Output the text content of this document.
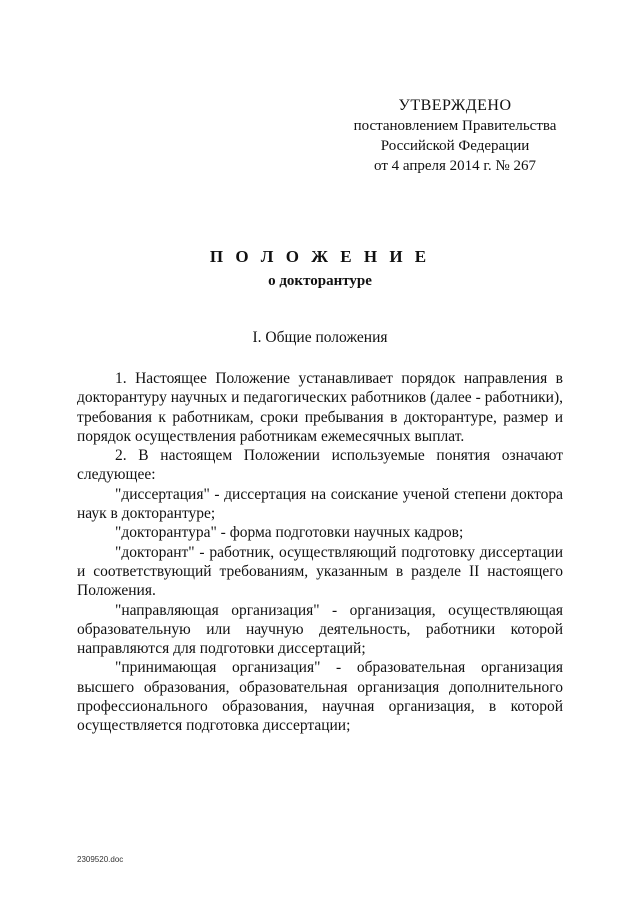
УТВЕРЖДЕНО
постановлением Правительства
Российской Федерации
от 4 апреля 2014 г. № 267
П О Л О Ж Е Н И Е
о докторантуре
I. Общие положения

1. Настоящее Положение устанавливает порядок направления в докторантуру научных и педагогических работников (далее - работники), требования к работникам, сроки пребывания в докторантуре, размер и порядок осуществления работникам ежемесячных выплат.

2. В настоящем Положении используемые понятия означают следующее:

"диссертация" - диссертация на соискание ученой степени доктора наук в докторантуре;

"докторантура" - форма подготовки научных кадров;

"докторант" - работник, осуществляющий подготовку диссертации и соответствующий требованиям, указанным в разделе II настоящего Положения.

"направляющая организация" - организация, осуществляющая образовательную или научную деятельность, работники которой направляются для подготовки диссертаций;

"принимающая организация" - образовательная организация высшего образования, образовательная организация дополнительного профессионального образования, научная организация, в которой осуществляется подготовка диссертации;

2309520.doc
